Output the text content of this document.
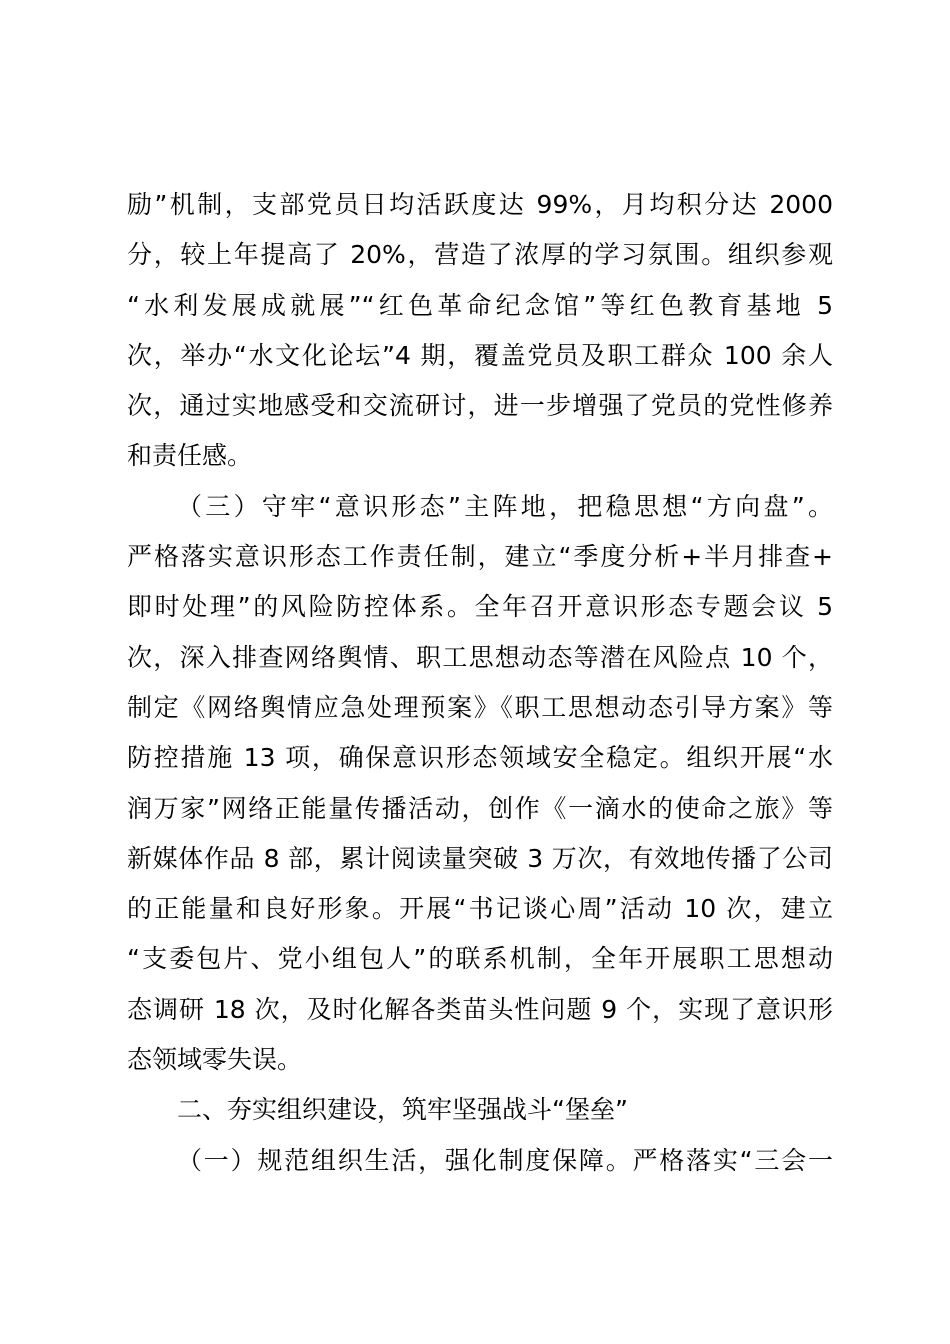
励”机制，支部党员日均活跃度达 99%，月均积分达 2000
分，较上年提高了 20%，营造了浓厚的学习氛围。组织参观
“水利发展成就展”“红色革命纪念馆”等红色教育基地 5
次，举办“水文化论坛”4 期，覆盖党员及职工群众 100 余人
次，通过实地感受和交流研讨，进一步增强了党员的党性修养
和责任感。
（三）守牢“意识形态”主阵地，把稳思想“方向盘”。
严格落实意识形态工作责任制，建立“季度分析+半月排查+
即时处理”的风险防控体系。全年召开意识形态专题会议 5
次，深入排查网络舆情、职工思想动态等潜在风险点 10 个，
制定《网络舆情应急处理预案》《职工思想动态引导方案》等
防控措施 13 项，确保意识形态领域安全稳定。组织开展“水
润万家”网络正能量传播活动，创作《一滴水的使命之旅》等
新媒体作品 8 部，累计阅读量突破 3 万次，有效地传播了公司
的正能量和良好形象。开展“书记谈心周”活动 10 次，建立
“支委包片、党小组包人”的联系机制，全年开展职工思想动
态调研 18 次，及时化解各类苗头性问题 9 个，实现了意识形
态领域零失误。
二、夯实组织建设，筑牢坚强战斗“堡垒”
（一）规范组织生活，强化制度保障。严格落实“三会一
